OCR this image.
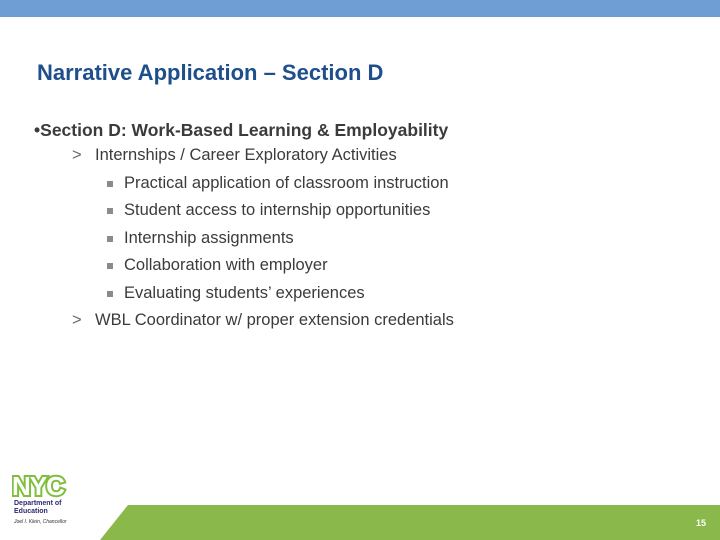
Narrative Application – Section D
•Section D: Work-Based Learning & Employability
> Internships / Career Exploratory Activities
Practical application of classroom instruction
Student access to internship opportunities
Internship assignments
Collaboration with employer
Evaluating students’ experiences
> WBL Coordinator w/ proper extension credentials
NYC
Department of
Education
Joel I. Klein, Chancellor	15
